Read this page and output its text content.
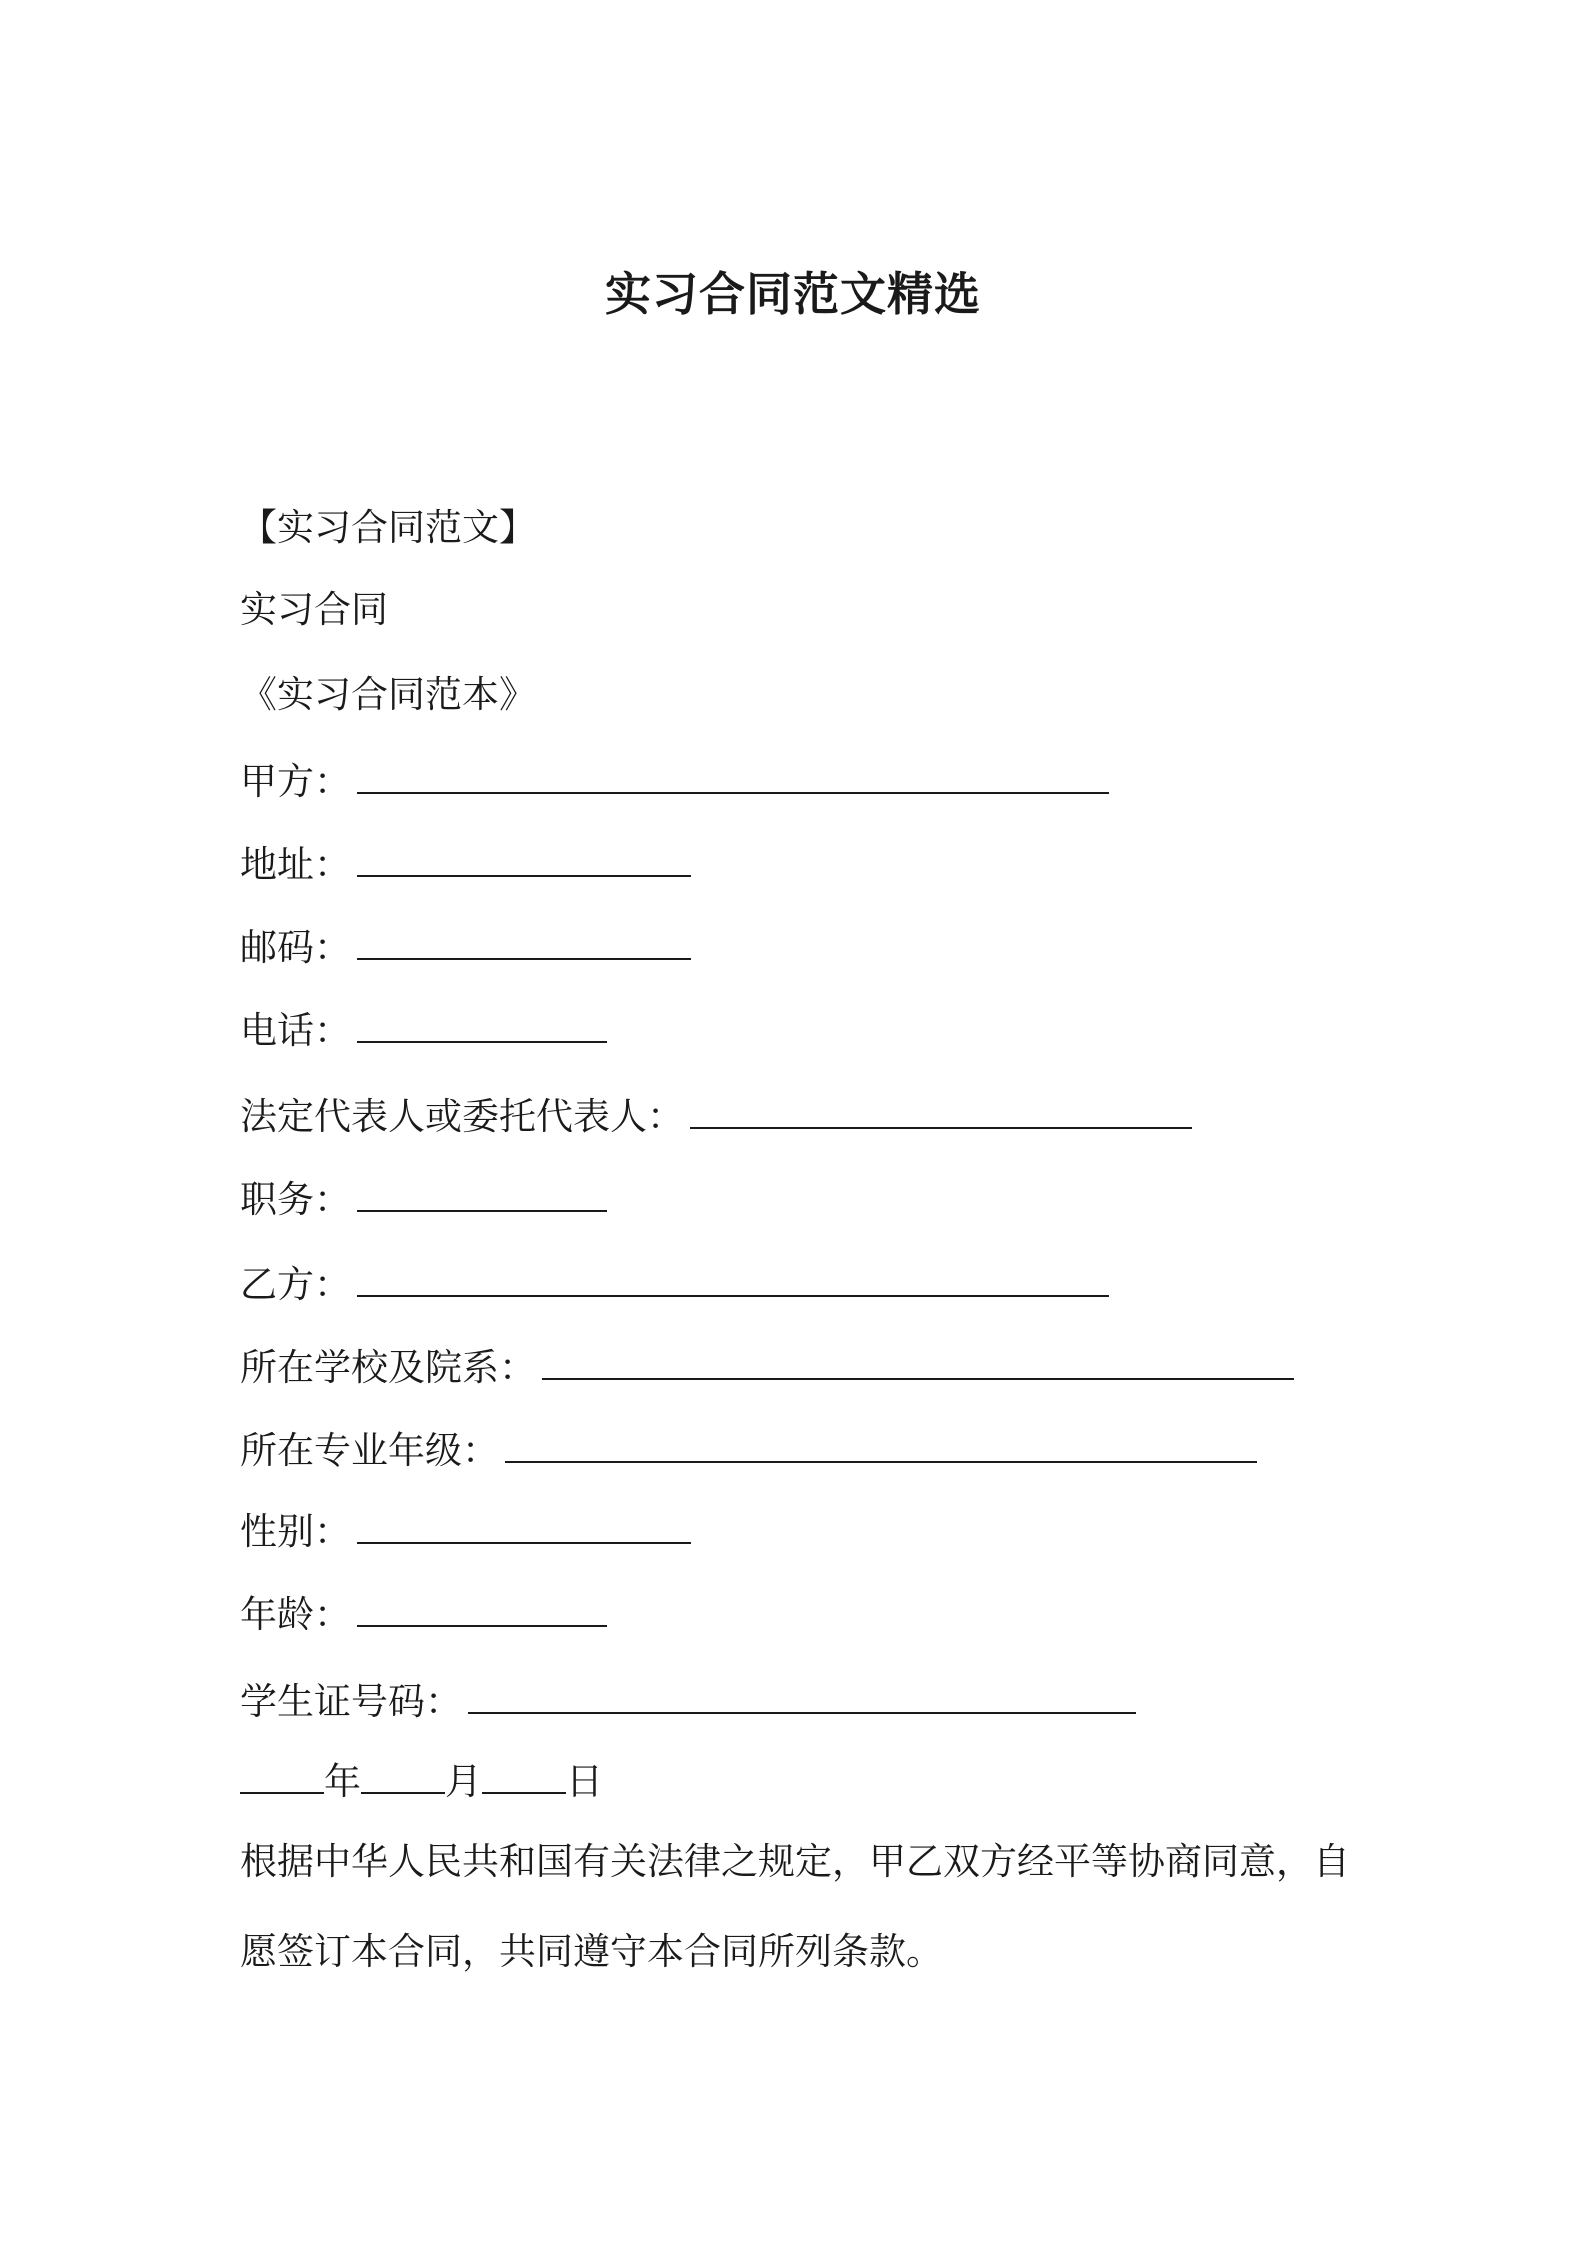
实习合同范文精选
【实习合同范文】
实习合同
《实习合同范本》
甲方：
地址：
邮码：
电话：
法定代表人或委托代表人：
职务：
乙方：
所在学校及院系：
所在专业年级：
性别：
年龄：
学生证号码：
年 月 日
根据中华人民共和国有关法律之规定，甲乙双方经平等协商同意，自愿签订本合同，共同遵守本合同所列条款。
